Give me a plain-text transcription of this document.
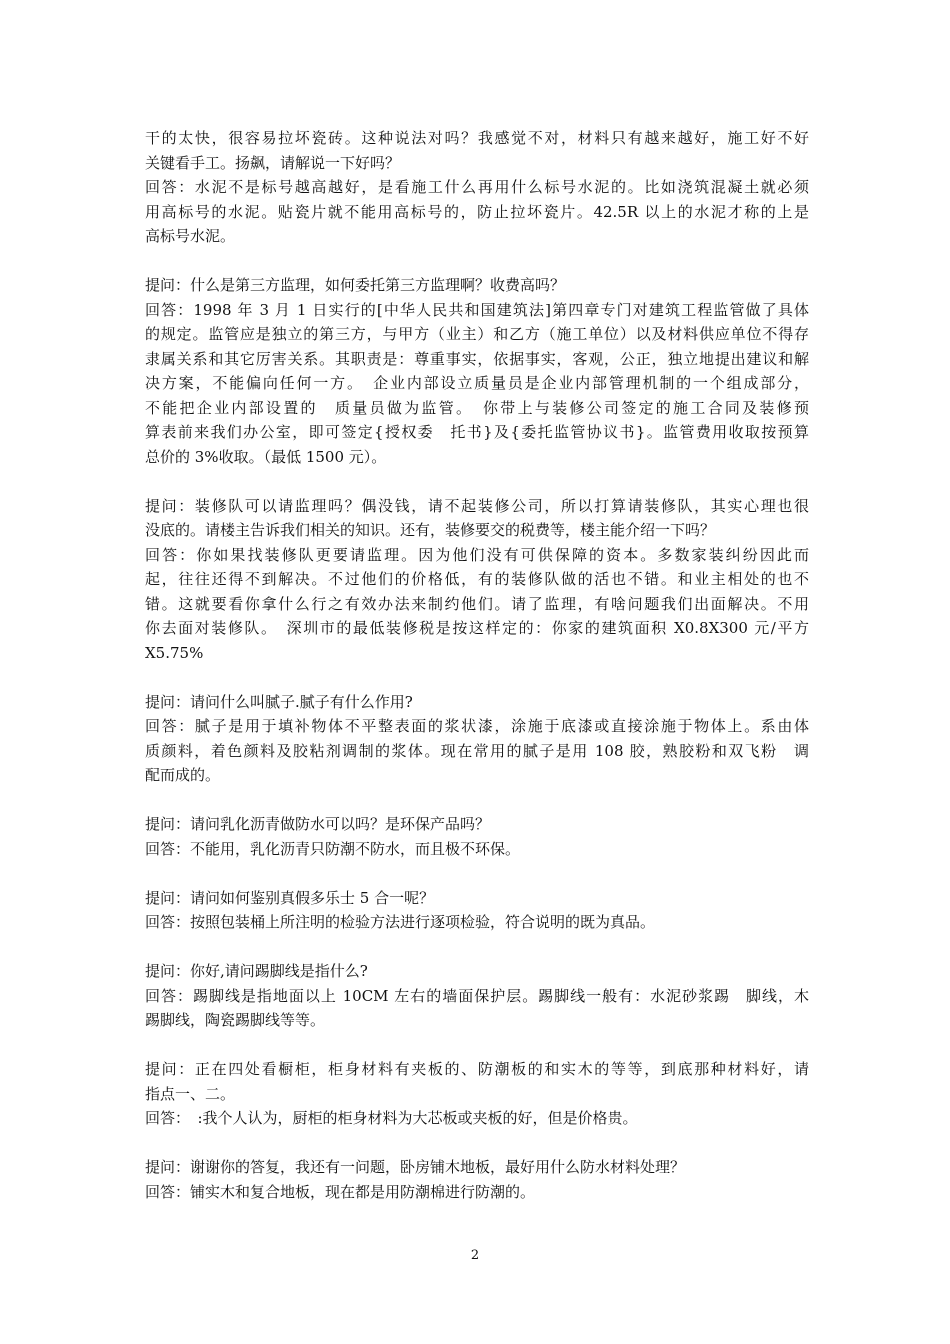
干的太快，很容易拉坏瓷砖。这种说法对吗？我感觉不对，材料只有越来越好，施工好不好
关键看手工。扬飙，请解说一下好吗？
回答：水泥不是标号越高越好，是看施工什么再用什么标号水泥的。比如浇筑混凝土就必须
用高标号的水泥。贴瓷片就不能用高标号的，防止拉坏瓷片。42.5R 以上的水泥才称的上是
高标号水泥。
提问：什么是第三方监理，如何委托第三方监理啊？收费高吗？
回答：1998 年 3 月 1 日实行的[中华人民共和国建筑法]第四章专门对建筑工程监管做了具体
的规定。监管应是独立的第三方，与甲方（业主）和乙方（施工单位）以及材料供应单位不得存
隶属关系和其它厉害关系。其职责是：尊重事实，依据事实，客观，公正，独立地提出建议和解
决方案，不能偏向任何一方。　企业内部设立质量员是企业内部管理机制的一个组成部分，
不能把企业内部设置的　质量员做为监管。　你带上与装修公司签定的施工合同及装修预
算表前来我们办公室，即可签定{授权委　托书}及{委托监管协议书}。监管费用收取按预算
总价的 3%收取。（最低 1500 元）。
提问：装修队可以请监理吗？偶没钱，请不起装修公司，所以打算请装修队，其实心理也很
没底的。请楼主告诉我们相关的知识。还有，装修要交的税费等，楼主能介绍一下吗？
回答：你如果找装修队更要请监理。因为他们没有可供保障的资本。多数家装纠纷因此而
起，往往还得不到解决。不过他们的价格低，有的装修队做的活也不错。和业主相处的也不
错。这就要看你拿什么行之有效办法来制约他们。请了监理，有啥问题我们出面解决。不用
你去面对装修队。　深圳市的最低装修税是按这样定的：你家的建筑面积 X0.8X300 元/平方
X5.75%
提问：请问什么叫腻子.腻子有什么作用?
回答：腻子是用于填补物体不平整表面的浆状漆，涂施于底漆或直接涂施于物体上。系由体
质颜料，着色颜料及胶粘剂调制的浆体。现在常用的腻子是用 108 胶，熟胶粉和双飞粉　调
配而成的。
提问：请问乳化沥青做防水可以吗？是环保产品吗？
回答：不能用，乳化沥青只防潮不防水，而且极不环保。
提问：请问如何鉴别真假多乐士 5 合一呢？
回答：按照包装桶上所注明的检验方法进行逐项检验，符合说明的既为真品。
提问：你好,请问踢脚线是指什么?
回答：踢脚线是指地面以上 10CM 左右的墙面保护层。踢脚线一般有：水泥砂浆踢　脚线，木
踢脚线，陶瓷踢脚线等等。
提问：正在四处看橱柜，柜身材料有夹板的、防潮板的和实木的等等，到底那种材料好，请
指点一、二。
回答：　:我个人认为，厨柜的柜身材料为大芯板或夹板的好，但是价格贵。
提问：谢谢你的答复，我还有一问题，卧房铺木地板，最好用什么防水材料处理？
回答：铺实木和复合地板，现在都是用防潮棉进行防潮的。
2
